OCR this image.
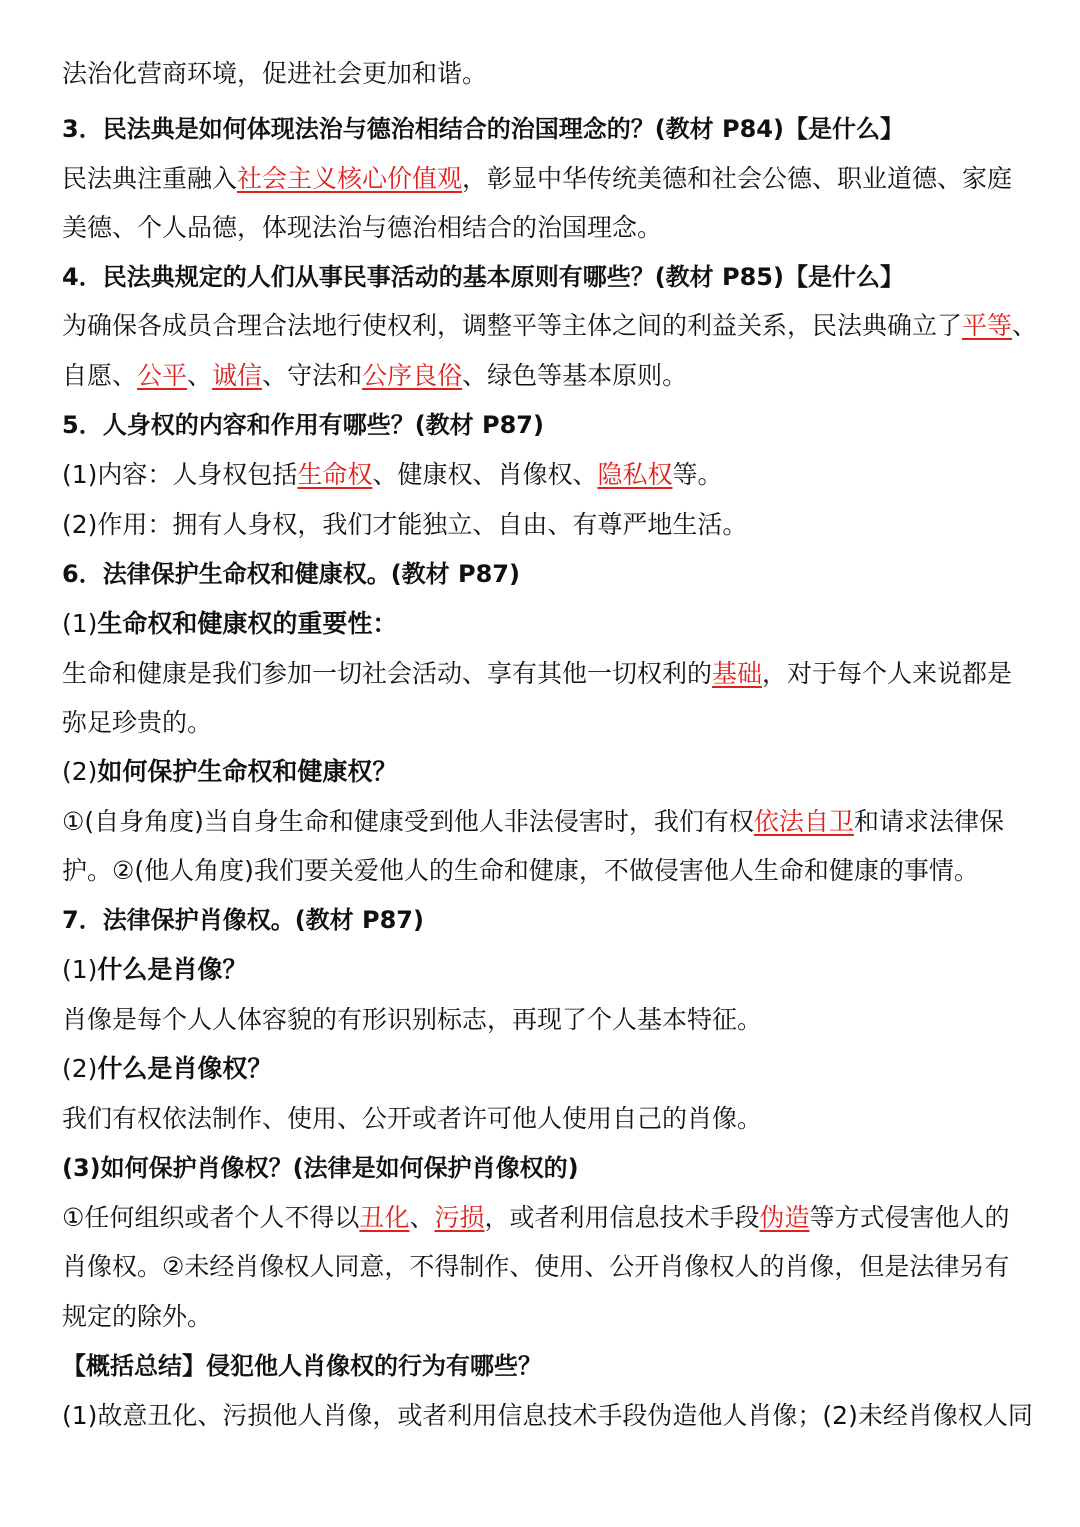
法治化营商环境，促进社会更加和谐。
3．民法典是如何体现法治与德治相结合的治国理念的？(教材 P84)【是什么】
民法典注重融入社会主义核心价值观，彰显中华传统美德和社会公德、职业道德、家庭
美德、个人品德，体现法治与德治相结合的治国理念。
4．民法典规定的人们从事民事活动的基本原则有哪些？(教材 P85)【是什么】
为确保各成员合理合法地行使权利，调整平等主体之间的利益关系，民法典确立了平等、
自愿、公平、诚信、守法和公序良俗、绿色等基本原则。
5．人身权的内容和作用有哪些？(教材 P87)
(1)内容：人身权包括生命权、健康权、肖像权、隐私权等。
(2)作用：拥有人身权，我们才能独立、自由、有尊严地生活。
6．法律保护生命权和健康权。(教材 P87)
(1)生命权和健康权的重要性：
生命和健康是我们参加一切社会活动、享有其他一切权利的基础，对于每个人来说都是
弥足珍贵的。
(2)如何保护生命权和健康权？
①(自身角度)当自身生命和健康受到他人非法侵害时，我们有权依法自卫和请求法律保
护。②(他人角度)我们要关爱他人的生命和健康，不做侵害他人生命和健康的事情。
7．法律保护肖像权。(教材 P87)
(1)什么是肖像？
肖像是每个人人体容貌的有形识别标志，再现了个人基本特征。
(2)什么是肖像权？
我们有权依法制作、使用、公开或者许可他人使用自己的肖像。
(3)如何保护肖像权？(法律是如何保护肖像权的)
①任何组织或者个人不得以丑化、污损，或者利用信息技术手段伪造等方式侵害他人的
肖像权。②未经肖像权人同意，不得制作、使用、公开肖像权人的肖像，但是法律另有
规定的除外。
【概括总结】侵犯他人肖像权的行为有哪些？
(1)故意丑化、污损他人肖像，或者利用信息技术手段伪造他人肖像；(2)未经肖像权人同
